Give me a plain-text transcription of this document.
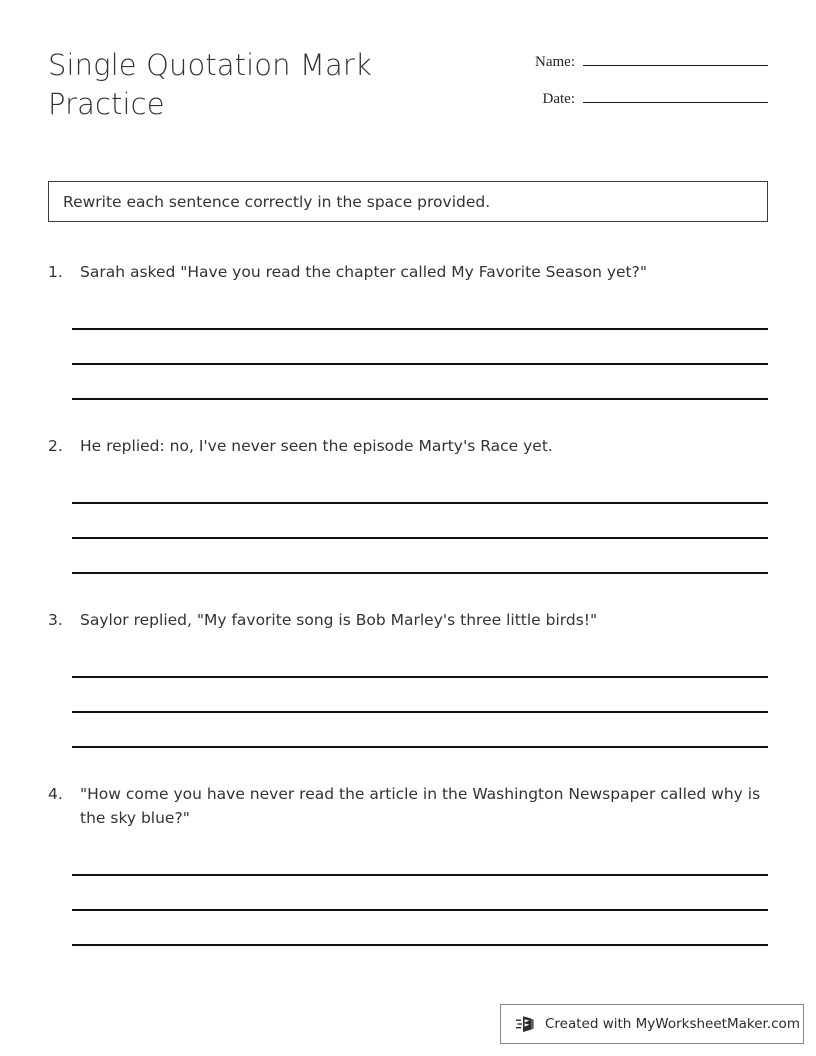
Single Quotation Mark Practice
Name:
Date:
Rewrite each sentence correctly in the space provided.
1.	Sarah asked "Have you read the chapter called My Favorite Season yet?"
2.	He replied: no, I've never seen the episode Marty's Race yet.
3.	Saylor replied, "My favorite song is Bob Marley's three little birds!"
4.	"How come you have never read the article in the Washington Newspaper called why is the sky blue?"
Created with MyWorksheetMaker.com
